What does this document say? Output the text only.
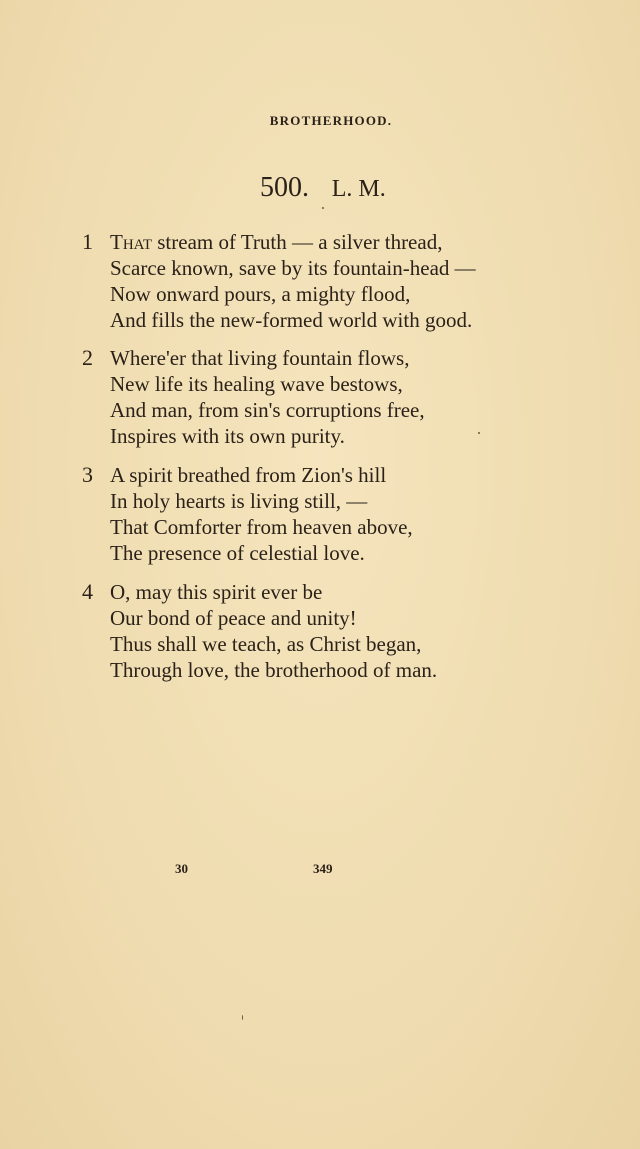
BROTHERHOOD.
500. L. M.
1 That stream of Truth — a silver thread,
Scarce known, save by its fountain-head —
Now onward pours, a mighty flood,
And fills the new-formed world with good.
2 Where'er that living fountain flows,
New life its healing wave bestows,
And man, from sin's corruptions free,
Inspires with its own purity.
3 A spirit breathed from Zion's hill
In holy hearts is living still, —
That Comforter from heaven above,
The presence of celestial love.
4 O, may this spirit ever be
Our bond of peace and unity!
Thus shall we teach, as Christ began,
Through love, the brotherhood of man.
30	349
